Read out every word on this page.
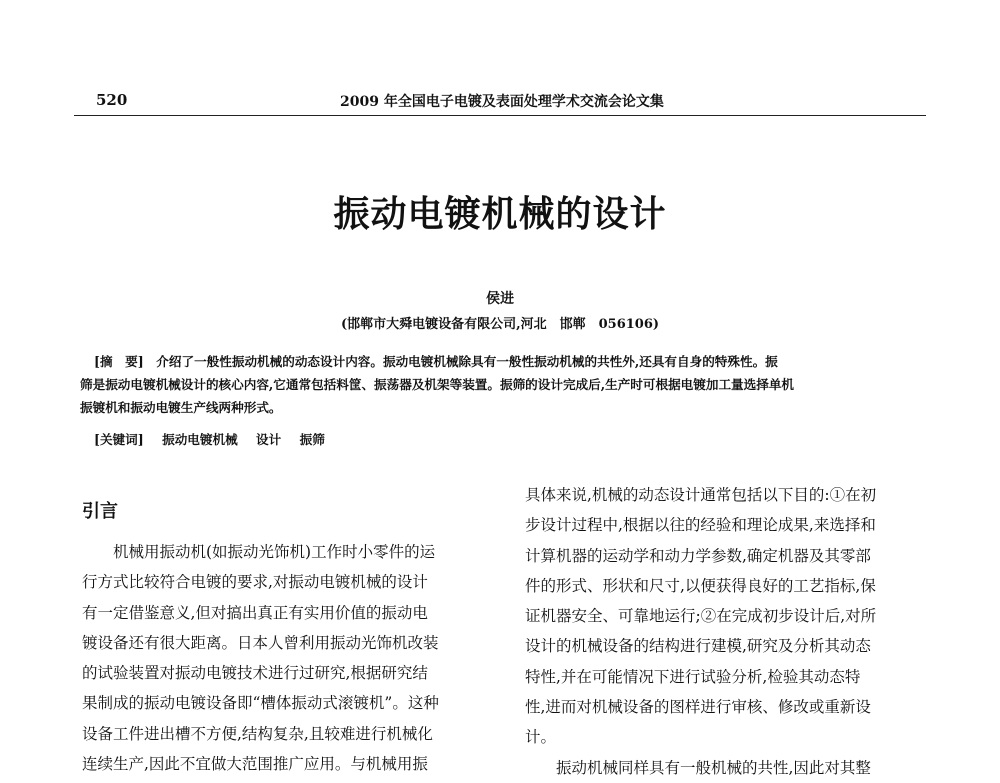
520	2009 年全国电子电镀及表面处理学术交流会论文集
振动电镀机械的设计
侯进
(邯郸市大舜电镀设备有限公司,河北　邯郸　056106)
[摘　要]　介绍了一般性振动机械的动态设计内容。振动电镀机械除具有一般性振动机械的共性外,还具有自身的特殊性。振
筛是振动电镀机械设计的核心内容,它通常包括料筐、振荡器及机架等装置。振筛的设计完成后,生产时可根据电镀加工量选择单机
振镀机和振动电镀生产线两种形式。
[关键词] 振动电镀机械 设计 振筛
引言
　　机械用振动机(如振动光饰机)工作时小零件的运
行方式比较符合电镀的要求,对振动电镀机械的设计
有一定借鉴意义,但对搞出真正有实用价值的振动电
镀设备还有很大距离。日本人曾利用振动光饰机改装
的试验装置对振动电镀技术进行过研究,根据研究结
果制成的振动电镀设备即“槽体振动式滚镀机”。这种
设备工件进出槽不方便,结构复杂,且较难进行机械化
连续生产,因此不宜做大范围推广应用。与机械用振
具体来说,机械的动态设计通常包括以下目的:①在初
步设计过程中,根据以往的经验和理论成果,来选择和
计算机器的运动学和动力学参数,确定机器及其零部
件的形式、形状和尺寸,以便获得良好的工艺指标,保
证机器安全、可靠地运行;②在完成初步设计后,对所
设计的机械设备的结构进行建模,研究及分析其动态
特性,并在可能情况下进行试验分析,检验其动态特
性,进而对机械设备的图样进行审核、修改或重新设
计。
　　振动机械同样具有一般机械的共性,因此对其整
